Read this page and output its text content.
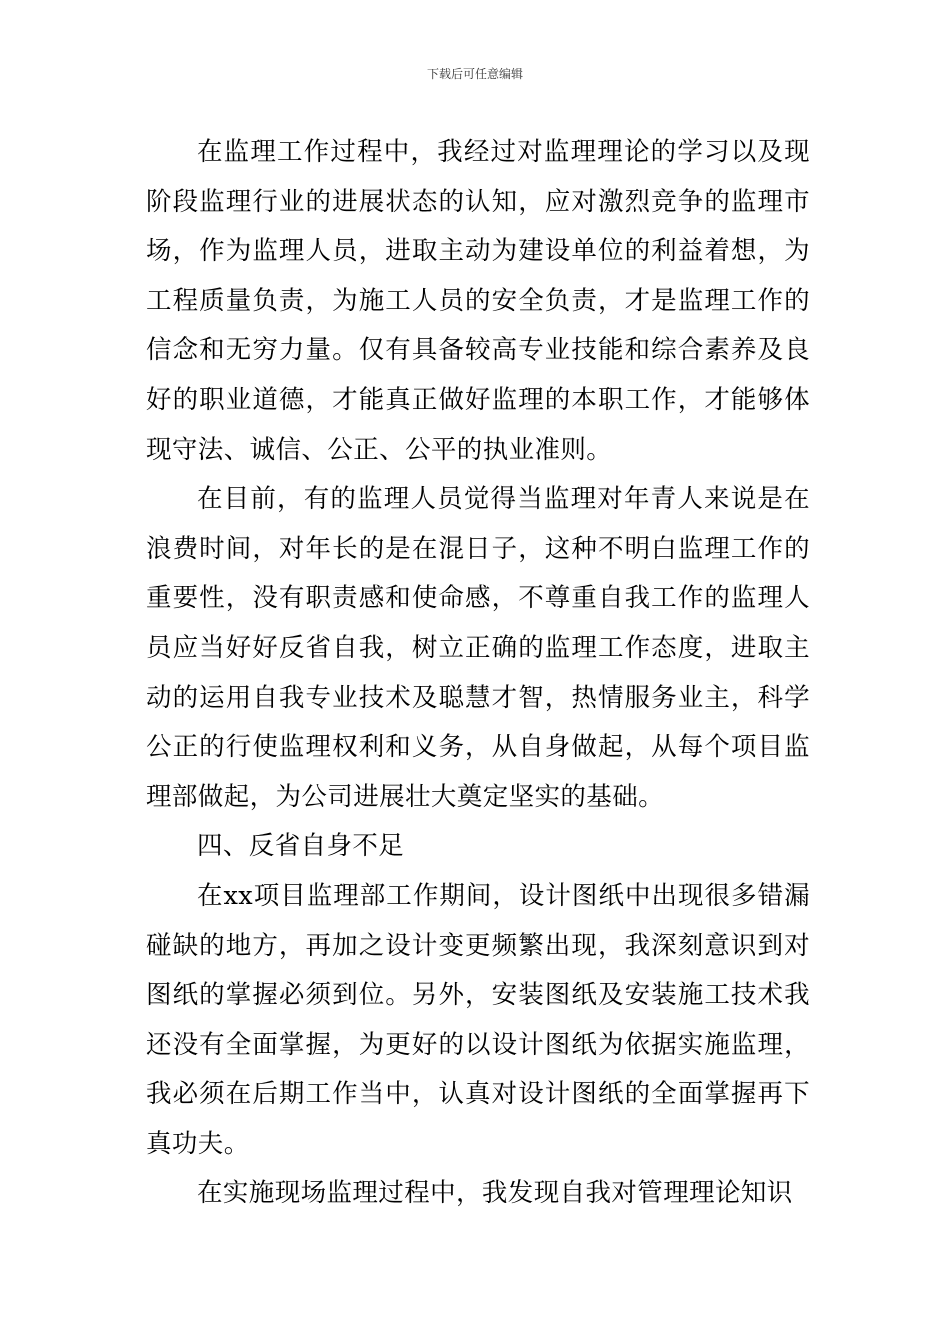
下载后可任意编辑

在监理工作过程中，我经过对监理理论的学习以及现阶段监理行业的进展状态的认知，应对激烈竞争的监理市场，作为监理人员，进取主动为建设单位的利益着想，为工程质量负责，为施工人员的安全负责，才是监理工作的信念和无穷力量。仅有具备较高专业技能和综合素养及良好的职业道德，才能真正做好监理的本职工作，才能够体现守法、诚信、公正、公平的执业准则。

在目前，有的监理人员觉得当监理对年青人来说是在浪费时间，对年长的是在混日子，这种不明白监理工作的重要性，没有职责感和使命感，不尊重自我工作的监理人员应当好好反省自我，树立正确的监理工作态度，进取主动的运用自我专业技术及聪慧才智，热情服务业主，科学公正的行使监理权利和义务，从自身做起，从每个项目监理部做起，为公司进展壮大奠定坚实的基础。

四、反省自身不足

在xx项目监理部工作期间，设计图纸中出现很多错漏碰缺的地方，再加之设计变更频繁出现，我深刻意识到对图纸的掌握必须到位。另外，安装图纸及安装施工技术我还没有全面掌握，为更好的以设计图纸为依据实施监理，我必须在后期工作当中，认真对设计图纸的全面掌握再下真功夫。

在实施现场监理过程中，我发现自我对管理理论知识
